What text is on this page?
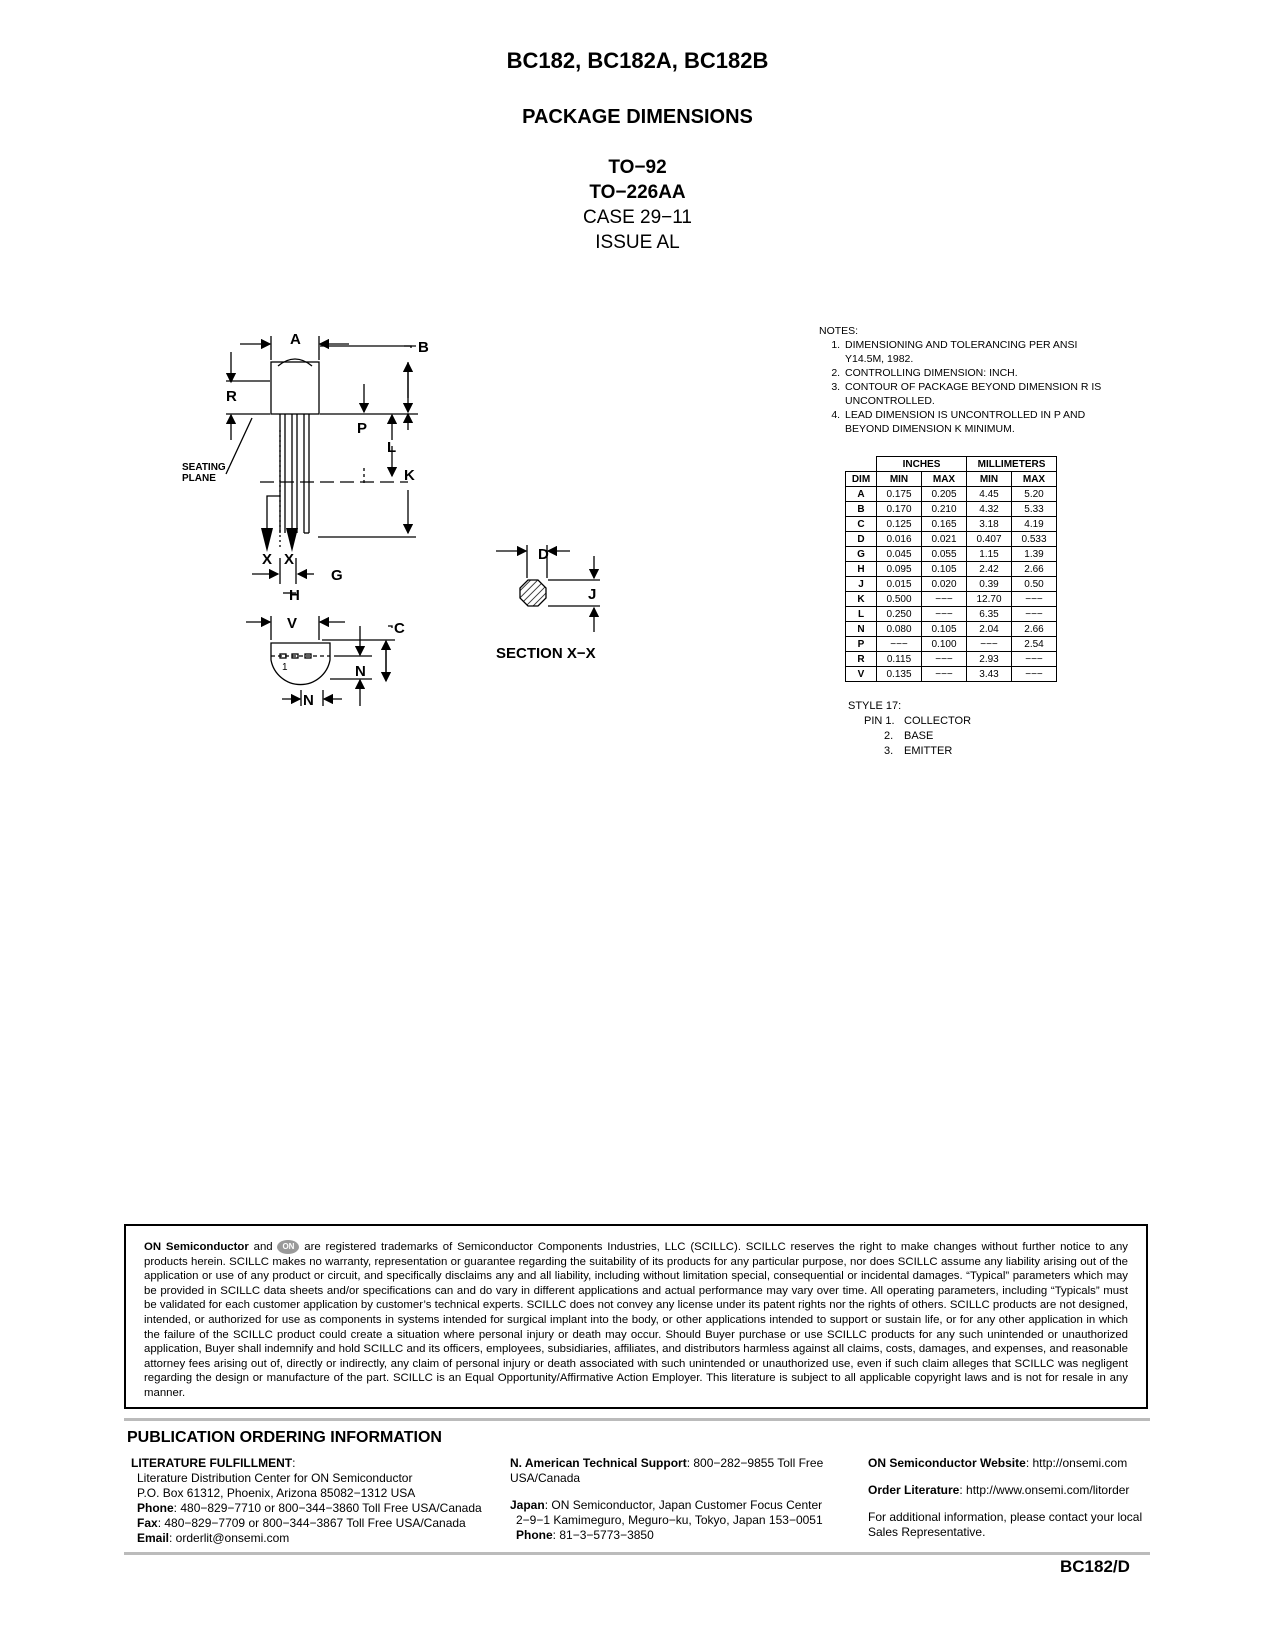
BC182, BC182A, BC182B
PACKAGE DIMENSIONS
TO−92
TO−226AA
CASE 29−11
ISSUE AL
A	B
R
P
L
K
X X
G
H
V	C
N
N
D
J
SECTION X−X
1
SEATING
PLANE
NOTES:
1. DIMENSIONING AND TOLERANCING PER ANSI Y14.5M, 1982.
2. CONTROLLING DIMENSION: INCH.
3. CONTOUR OF PACKAGE BEYOND DIMENSION R IS UNCONTROLLED.
4. LEAD DIMENSION IS UNCONTROLLED IN P AND BEYOND DIMENSION K MINIMUM.
	INCHES		MILLIMETERS	
DIM	MIN	MAX	MIN	MAX
A	0.175	0.205	4.45	5.20
B	0.170	0.210	4.32	5.33
C	0.125	0.165	3.18	4.19
D	0.016	0.021	0.407	0.533
G	0.045	0.055	1.15	1.39
H	0.095	0.105	2.42	2.66
J	0.015	0.020	0.39	0.50
K	0.500	−−−	12.70	−−−
L	0.250	−−−	6.35	−−−
N	0.080	0.105	2.04	2.66
P	−−−	0.100	−−−	2.54
R	0.115	−−−	2.93	−−−
V	0.135	−−−	3.43	−−−
STYLE 17:
PIN 1. COLLECTOR
2. BASE
3. EMITTER
ON Semiconductor and ON are registered trademarks of Semiconductor Components Industries, LLC (SCILLC). SCILLC reserves the right to make changes without further notice to any products herein. SCILLC makes no warranty, representation or guarantee regarding the suitability of its products for any particular purpose, nor does SCILLC assume any liability arising out of the application or use of any product or circuit, and specifically disclaims any and all liability, including without limitation special, consequential or incidental damages. “Typical” parameters which may be provided in SCILLC data sheets and/or specifications can and do vary in different applications and actual performance may vary over time. All operating parameters, including “Typicals” must be validated for each customer application by customer’s technical experts. SCILLC does not convey any license under its patent rights nor the rights of others. SCILLC products are not designed, intended, or authorized for use as components in systems intended for surgical implant into the body, or other applications intended to support or sustain life, or for any other application in which the failure of the SCILLC product could create a situation where personal injury or death may occur. Should Buyer purchase or use SCILLC products for any such unintended or unauthorized application, Buyer shall indemnify and hold SCILLC and its officers, employees, subsidiaries, affiliates, and distributors harmless against all claims, costs, damages, and expenses, and reasonable attorney fees arising out of, directly or indirectly, any claim of personal injury or death associated with such unintended or unauthorized use, even if such claim alleges that SCILLC was negligent regarding the design or manufacture of the part. SCILLC is an Equal Opportunity/Affirmative Action Employer. This literature is subject to all applicable copyright laws and is not for resale in any manner.
PUBLICATION ORDERING INFORMATION
LITERATURE FULFILLMENT:
Literature Distribution Center for ON Semiconductor
P.O. Box 61312, Phoenix, Arizona 85082−1312 USA
Phone: 480−829−7710 or 800−344−3860 Toll Free USA/Canada
Fax: 480−829−7709 or 800−344−3867 Toll Free USA/Canada
Email: orderlit@onsemi.com
N. American Technical Support: 800−282−9855 Toll Free USA/Canada
Japan: ON Semiconductor, Japan Customer Focus Center
2−9−1 Kamimeguro, Meguro−ku, Tokyo, Japan 153−0051
Phone: 81−3−5773−3850
ON Semiconductor Website: http://onsemi.com
Order Literature: http://www.onsemi.com/litorder
For additional information, please contact your local Sales Representative.
BC182/D
